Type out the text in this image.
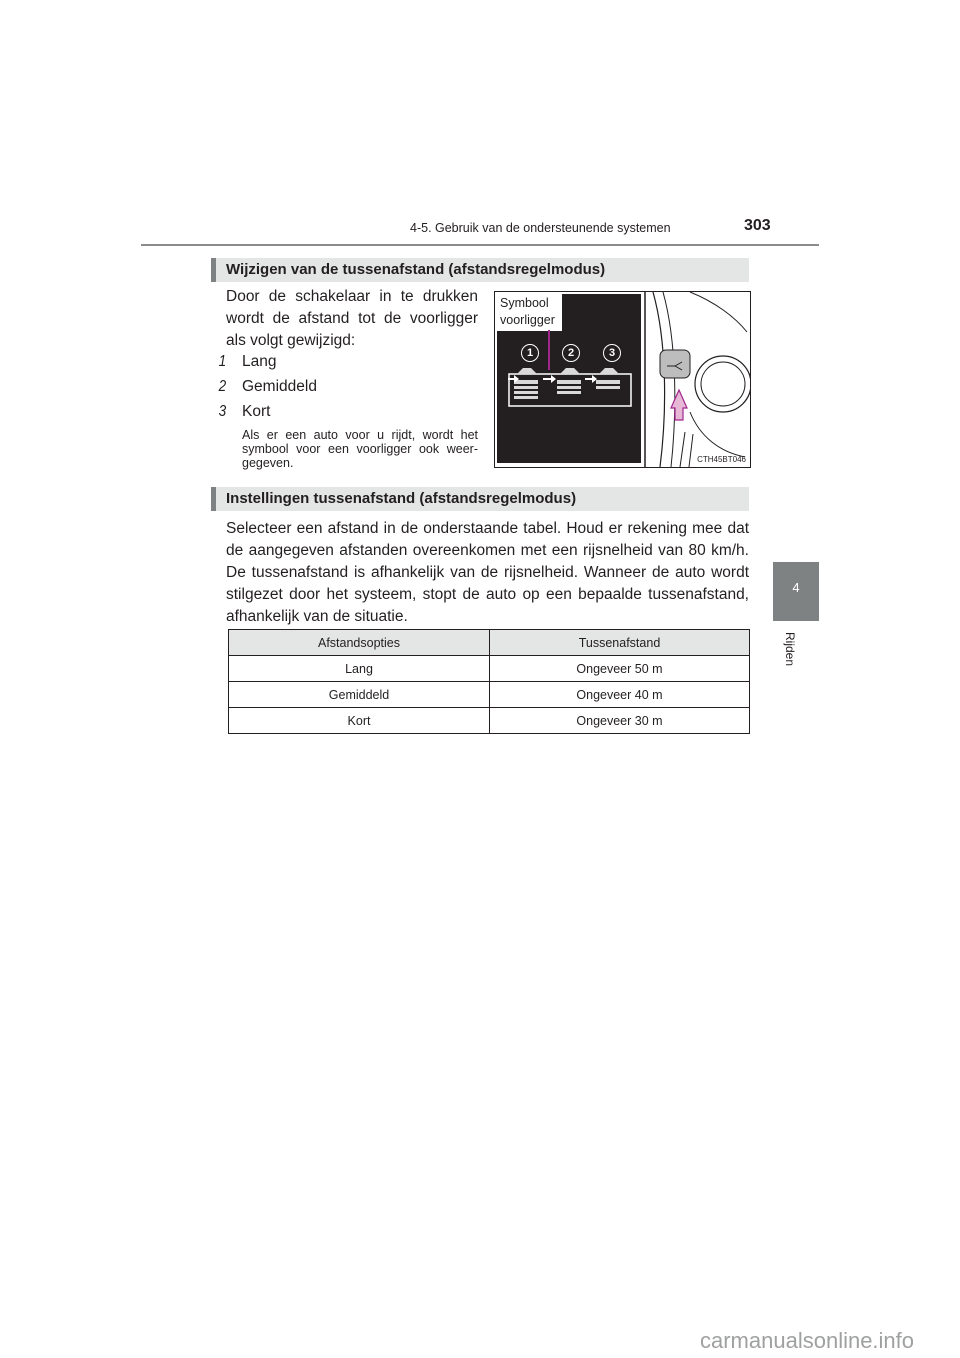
4-5. Gebruik van de ondersteunende systemen	303
4
Rijden
Wijzigen van de tussenafstand (afstandsregelmodus)
Door de schakelaar in te drukken wordt de afstand tot de voorligger als volgt gewijzigd:
1 Lang
2 Gemiddeld
3 Kort
Als er een auto voor u rijdt, wordt het symbool voor een voorligger ook weer-gegeven.
1	2	3
Symbool voorligger
CTH45BT046
Instellingen tussenafstand (afstandsregelmodus)
Selecteer een afstand in de onderstaande tabel. Houd er rekening mee dat de aangegeven afstanden overeenkomen met een rijsnelheid van 80 km/h. De tussenafstand is afhankelijk van de rijsnelheid. Wanneer de auto wordt stilgezet door het systeem, stopt de auto op een bepaalde tussenafstand, afhankelijk van de situatie.
Afstandsopties	Tussenafstand
Lang	Ongeveer 50 m
Gemiddeld	Ongeveer 40 m
Kort	Ongeveer 30 m
carmanualsonline.info
